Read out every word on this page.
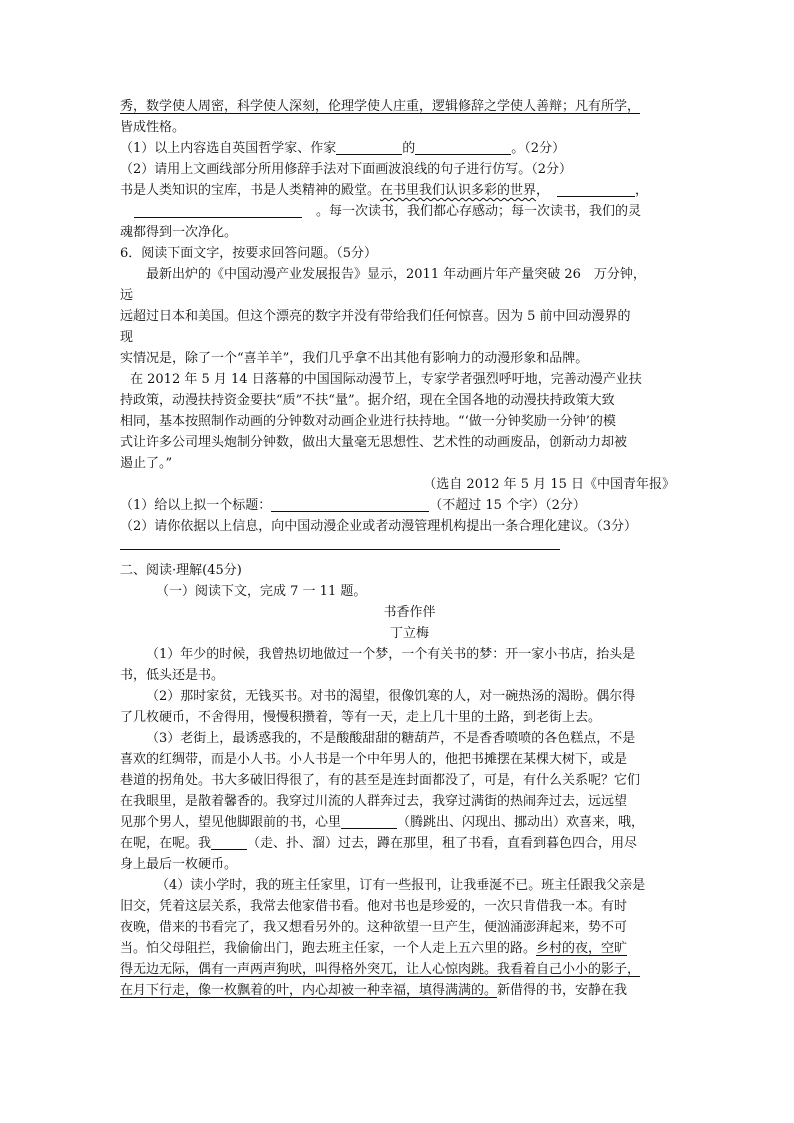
秀，数学使人周密，科学使人深刻，伦理学使人庄重，逻辑修辞之学使人善辩；凡有所学，
皆成性格。
（1）以上内容选自英国哲学家、作家	的	。（2分）
（2）请用上文画线部分所用修辞手法对下面画波浪线的句子进行仿写。（2分）
书是人类知识的宝库，书是人类精神的殿堂。在书里我们认识多彩的世界，	，
。每一次读书，我们都心存感动；每一次读书，我们的灵
魂都得到一次净化。
6．阅读下面文字，按要求回答问题。（5分）
最新出炉的《中国动漫产业发展报告》显示，2011 年动画片年产量突破 26　万分钟，
远
远超过日本和美国。但这个漂亮的数字并没有带给我们任何惊喜。因为 5 前中回动漫界的
现
实情况是，除了一个“喜羊羊”，我们几乎拿不出其他有影响力的动漫形象和品牌。
在 2012 年 5 月 14 日落幕的中国国际动漫节上，专家学者强烈呼吁地，完善动漫产业扶
持政策，动漫扶持资金要扶“质”不扶“量”。据介绍，现在全国各地的动漫扶持政策大致
相同，基本按照制作动画的分钟数对动画企业进行扶持地。“‘做一分钟奖励一分钟’的模
式让许多公司埋头炮制分钟数，做出大量毫无思想性、艺术性的动画废品，创新动力却被
遏止了。”
（选自 2012 年 5 月 15 日《中国青年报》
（1）给以上拟一个标题：	（不超过 15 个字）（2分）
（2）请你依据以上信息，向中国动漫企业或者动漫管理机构提出一条合理化建议。（3分）
二、阅读·理解(45分)
（一）阅读下文，完成 7 一 11 题。
书香作伴
丁立梅
（1）年少的时候，我曾热切地做过一个梦，一个有关书的梦：开一家小书店，抬头是
书，低头还是书。
（2）那时家贫，无钱买书。对书的渴望，很像饥寒的人，对一碗热汤的渴盼。偶尔得
了几枚硬币，不舍得用，慢慢积攒着，等有一天，走上几十里的土路，到老街上去。
（3）老街上，最诱惑我的，不是酸酸甜甜的糖葫芦，不是香香喷喷的各色糕点，不是
喜欢的红绸带，而是小人书。小人书是一个中年男人的，他把书摊摆在某棵大树下，或是
巷道的拐角处。书大多破旧得很了，有的甚至是连封面都没了，可是，有什么关系呢？它们
在我眼里，是散着馨香的。我穿过川流的人群奔过去，我穿过满街的热闹奔过去，远远望
见那个男人，望见他脚跟前的书，心里	（腾跳出、闪现出、挪动出）欢喜来，哦，
在呢，在呢。我	（走、扑、溜）过去，蹲在那里，租了书看，直看到暮色四合，用尽
身上最后一枚硬币。
（4）读小学时，我的班主任家里，订有一些报刊，让我垂涎不已。班主任跟我父亲是
旧交，凭着这层关系，我常去他家借书看。他对书也是珍爱的，一次只肯借我一本。有时
夜晚，借来的书看完了，我又想看另外的。这种欲望一旦产生，便汹涌澎湃起来，势不可
当。怕父母阻拦，我偷偷出门，跑去班主任家，一个人走上五六里的路。乡村的夜，空旷
得无边无际，偶有一声两声狗吠，叫得格外突兀，让人心惊肉跳。我看着自己小小的影子，
在月下行走，像一枚飘着的叶，内心却被一种幸福，填得满满的。新借得的书，安静在我
